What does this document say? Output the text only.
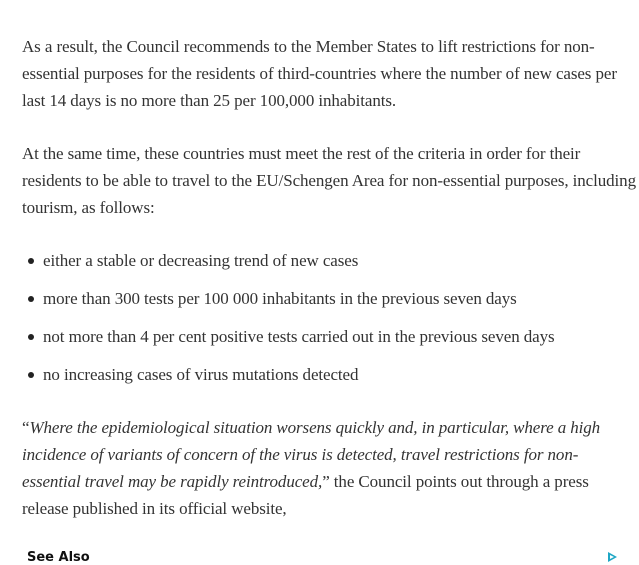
As a result, the Council recommends to the Member States to lift restrictions for non-essential purposes for the residents of third-countries where the number of new cases per last 14 days is no more than 25 per 100,000 inhabitants.

At the same time, these countries must meet the rest of the criteria in order for their residents to be able to travel to the EU/Schengen Area for non-essential purposes, including tourism, as follows:

either a stable or decreasing trend of new cases
more than 300 tests per 100 000 inhabitants in the previous seven days
not more than 4 per cent positive tests carried out in the previous seven days
no increasing cases of virus mutations detected

“Where the epidemiological situation worsens quickly and, in particular, where a high incidence of variants of concern of the virus is detected, travel restrictions for non-essential travel may be rapidly reintroduced,” the Council points out through a press release published in its official website,

See Also
